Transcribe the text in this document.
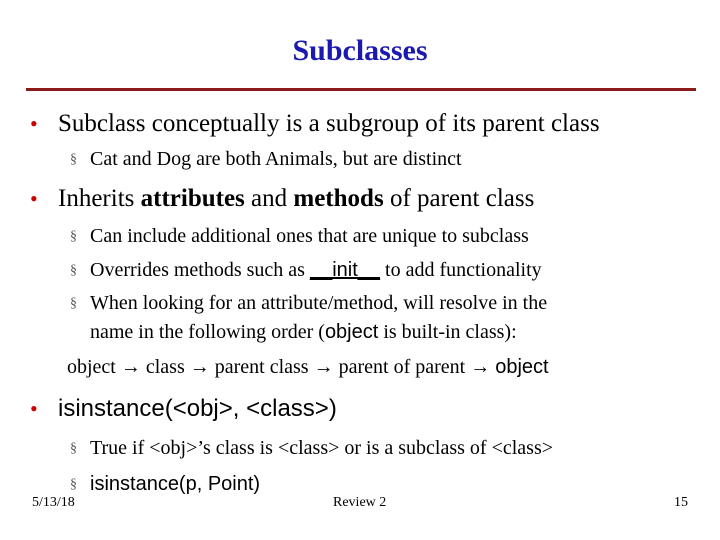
Subclasses
• Subclass conceptually is a subgroup of its parent class
§ Cat and Dog are both Animals, but are distinct
• Inherits attributes and methods of parent class
§ Can include additional ones that are unique to subclass
§ Overrides methods such as __init__ to add functionality
§ When looking for an attribute/method, will resolve in the
name in the following order (object is built-in class):
object → class → parent class → parent of parent → object
• isinstance(<obj>, <class>)
§ True if <obj>’s class is <class> or is a subclass of <class>
§ isinstance(p, Point)
5/13/18	Review 2	15
